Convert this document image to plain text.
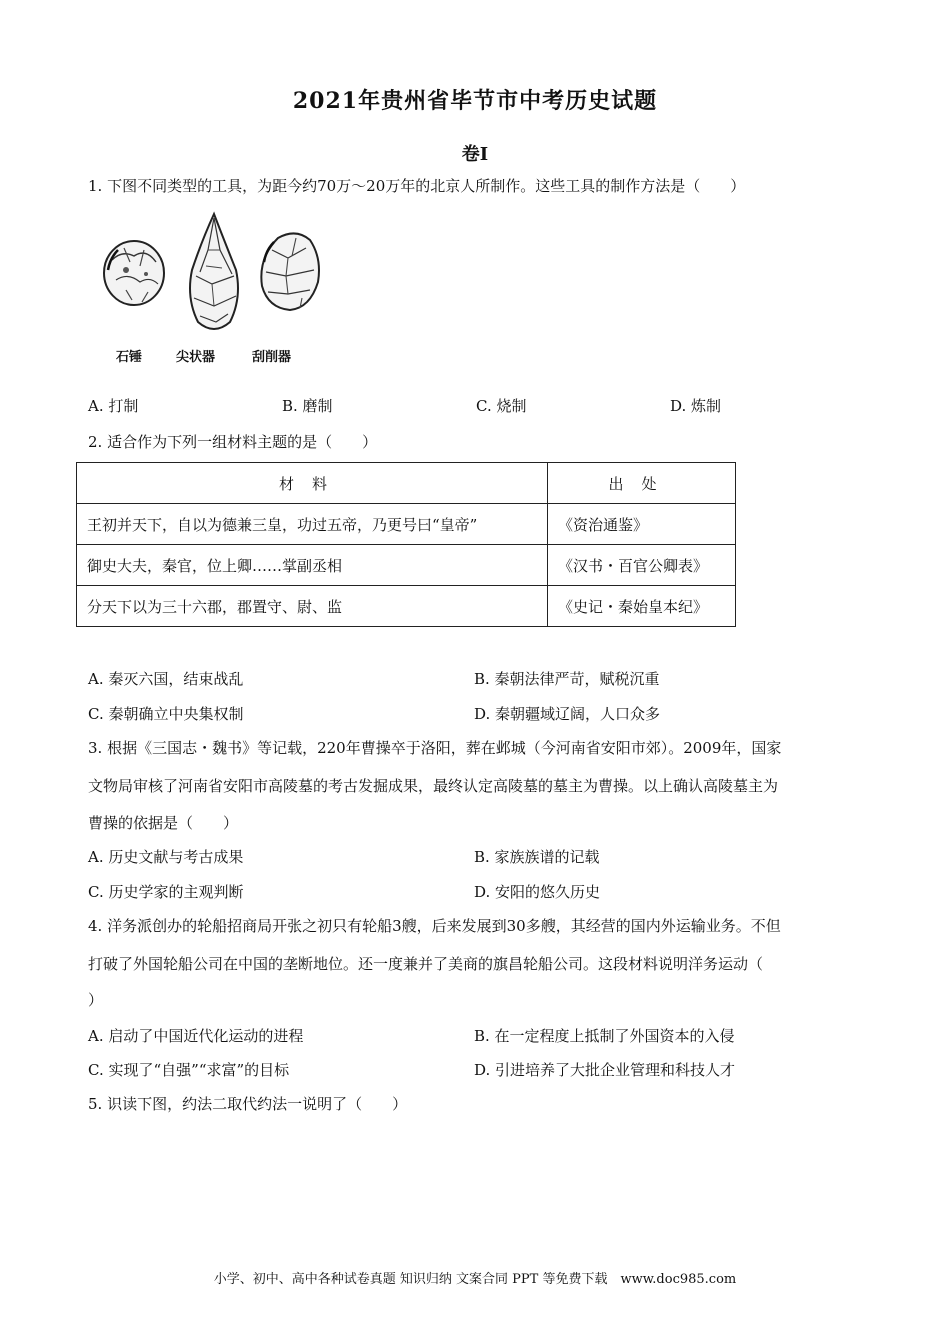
2021年贵州省毕节市中考历史试题
卷Ⅰ
1. 下图不同类型的工具，为距今约70万～20万年的北京人所制作。这些工具的制作方法是（　　）
石锤	尖状器	刮削器
A. 打制	B. 磨制	C. 烧制	D. 炼制
2. 适合作为下列一组材料主题的是（　　）
材料	出处
王初并天下，自以为德兼三皇，功过五帝，乃更号曰“皇帝”	《资治通鉴》
御史大夫，秦官，位上卿……掌副丞相	《汉书・百官公卿表》
分天下以为三十六郡，郡置守、尉、监	《史记・秦始皇本纪》
A. 秦灭六国，结束战乱	B. 秦朝法律严苛，赋税沉重
C. 秦朝确立中央集权制	D. 秦朝疆域辽阔，人口众多
3. 根据《三国志・魏书》等记载，220年曹操卒于洛阳，葬在邺城（今河南省安阳市郊）。2009年，国家
文物局审核了河南省安阳市高陵墓的考古发掘成果，最终认定高陵墓的墓主为曹操。以上确认高陵墓主为
曹操的依据是（　　）
A. 历史文献与考古成果	B. 家族族谱的记载
C. 历史学家的主观判断	D. 安阳的悠久历史
4. 洋务派创办的轮船招商局开张之初只有轮船3艘，后来发展到30多艘，其经营的国内外运输业务。不但
打破了外国轮船公司在中国的垄断地位。还一度兼并了美商的旗昌轮船公司。这段材料说明洋务运动（
）
A. 启动了中国近代化运动的进程	B. 在一定程度上抵制了外国资本的入侵
C. 实现了“自强”“求富”的目标	D. 引进培养了大批企业管理和科技人才
5. 识读下图，约法二取代约法一说明了（　　）
小学、初中、高中各种试卷真题 知识归纳 文案合同 PPT 等免费下载　www.doc985.com
